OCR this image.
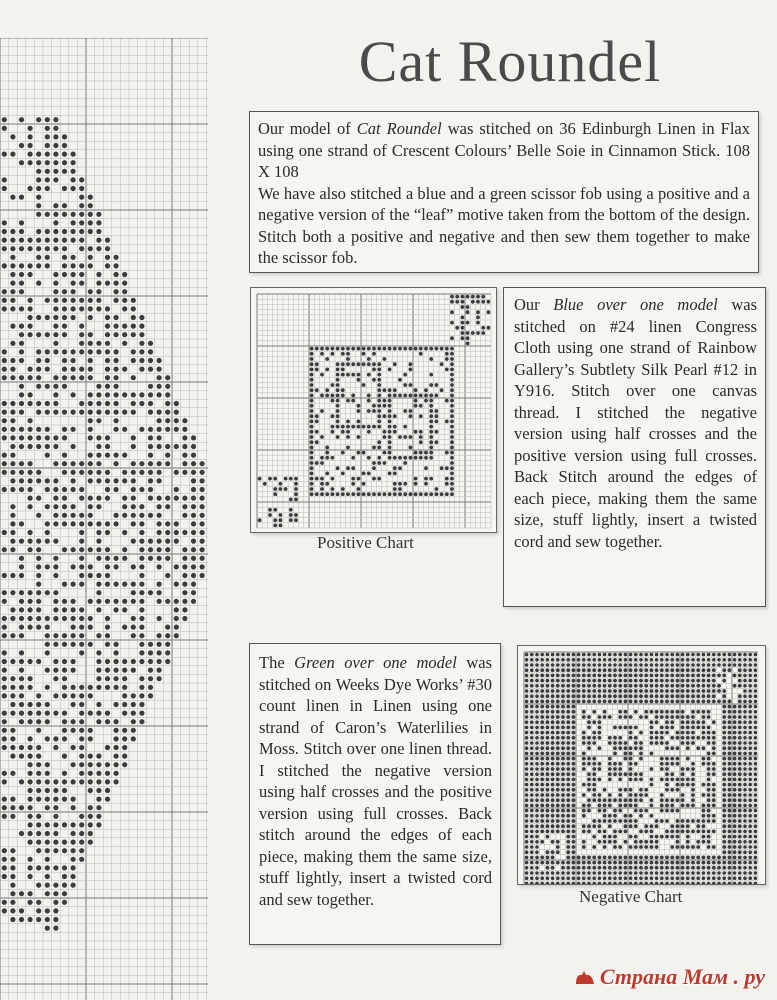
Cat Roundel

Our model of Cat Roundel was stitched on 36 Edinburgh Linen in Flax using one strand of Crescent Colours’ Belle Soie in Cinnamon Stick. 108 X 108

We have also stitched a blue and a green scissor fob using a positive and a negative version of the “leaf” motive taken from the bottom of the design. Stitch both a positive and negative and then sew them together to make the scissor fob.

Positive Chart

Our Blue over one model was stitched on #24 linen Congress Cloth using one strand of Rainbow Gallery’s Subtlety Silk Pearl #12 in Y916. Stitch over one canvas thread. I stitched the negative version using half crosses and the positive version using full crosses. Back Stitch around the edges of each piece, making them the same size, stuff lightly, insert a twisted cord and sew together.

The Green over one model was stitched on Weeks Dye Works’ #30 count linen in Linen using one strand of Caron’s Waterlilies in Moss. Stitch over one linen thread. I stitched the negative version using half crosses and the positive version using full crosses. Back stitch around the edges of each piece, making them the same size, stuff lightly, insert a twisted cord and sew together.	Negative Chart
Страна Мам . ру
